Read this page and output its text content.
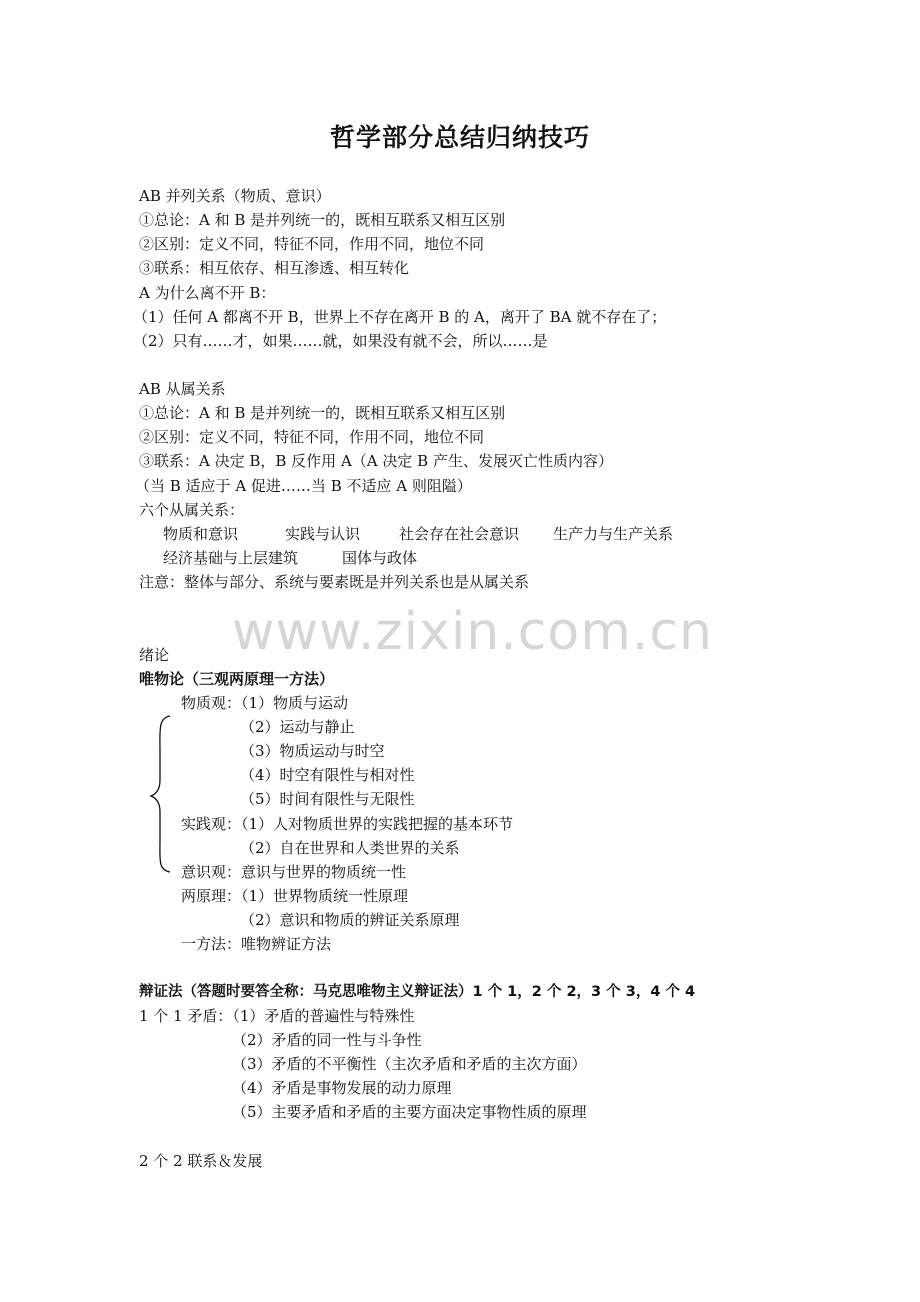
哲学部分总结归纳技巧
AB 并列关系（物质、意识）
①总论：A 和 B 是并列统一的，既相互联系又相互区别
②区别：定义不同，特征不同，作用不同，地位不同
③联系：相互依存、相互渗透、相互转化
A 为什么离不开 B：
（1）任何 A 都离不开 B，世界上不存在离开 B 的 A，离开了 BA 就不存在了；
（2）只有……才，如果……就，如果没有就不会，所以……是
AB 从属关系
①总论：A 和 B 是并列统一的，既相互联系又相互区别
②区别：定义不同，特征不同，作用不同，地位不同
③联系：A 决定 B，B 反作用 A（A 决定 B 产生、发展灭亡性质内容）
（当 B 适应于 A 促进……当 B 不适应 A 则阻隘）
六个从属关系：
物质和意识	实践与认识	社会存在社会意识 生产力与生产关系
经济基础与上层建筑	国体与政体
注意：整体与部分、系统与要素既是并列关系也是从属关系
www.zixin.com.cn
绪论
唯物论（三观两原理一方法）
物质观：（1）物质与运动
（2）运动与静止
（3）物质运动与时空
（4）时空有限性与相对性
（5）时间有限性与无限性
实践观：（1）人对物质世界的实践把握的基本环节
（2）自在世界和人类世界的关系
意识观：意识与世界的物质统一性
两原理：（1）世界物质统一性原理
（2）意识和物质的辨证关系原理
一方法：唯物辨证方法
辩证法（答题时要答全称：马克思唯物主义辩证法）1 个 1，2 个 2，3 个 3，4 个 4
1 个 1 矛盾：（1）矛盾的普遍性与特殊性
（2）矛盾的同一性与斗争性
（3）矛盾的不平衡性（主次矛盾和矛盾的主次方面）
（4）矛盾是事物发展的动力原理
（5）主要矛盾和矛盾的主要方面决定事物性质的原理
2 个 2 联系＆发展
